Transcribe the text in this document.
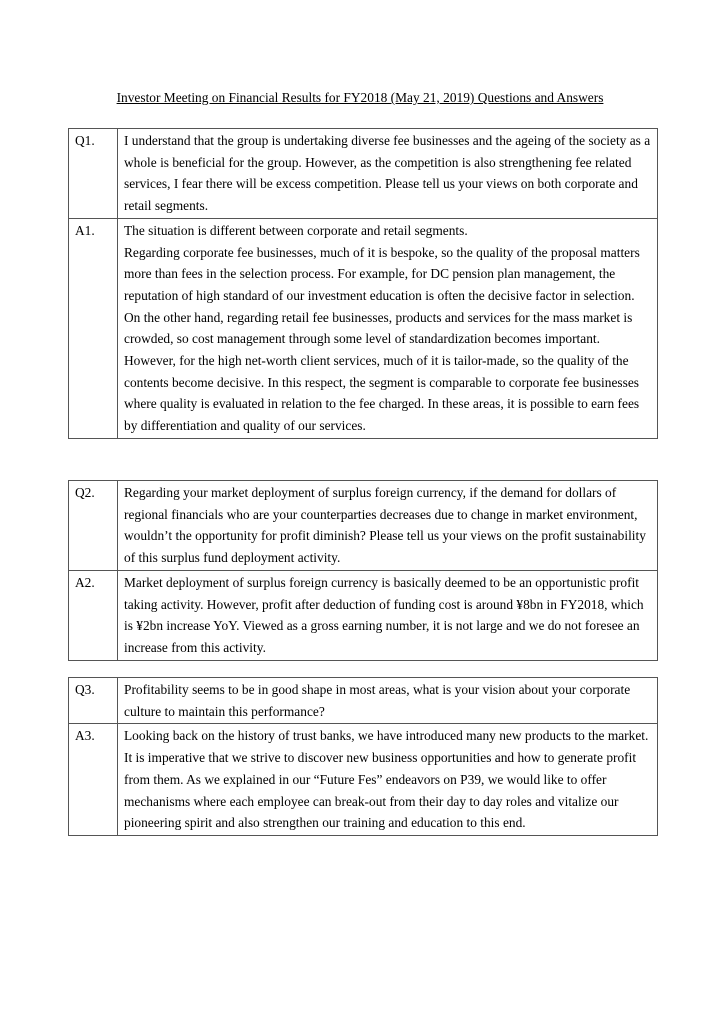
Investor Meeting on Financial Results for FY2018 (May 21, 2019) Questions and Answers
Q1.	I understand that the group is undertaking diverse fee businesses and the ageing of the society as a whole is beneficial for the group. However, as the competition is also strengthening fee related services, I fear there will be excess competition. Please tell us your views on both corporate and retail segments.
A1.	The situation is different between corporate and retail segments.
Regarding corporate fee businesses, much of it is bespoke, so the quality of the proposal matters more than fees in the selection process. For example, for DC pension plan management, the reputation of high standard of our investment education is often the decisive factor in selection.
On the other hand, regarding retail fee businesses, products and services for the mass market is crowded, so cost management through some level of standardization becomes important. However, for the high net-worth client services, much of it is tailor-made, so the quality of the contents become decisive. In this respect, the segment is comparable to corporate fee businesses where quality is evaluated in relation to the fee charged. In these areas, it is possible to earn fees by differentiation and quality of our services.
Q2.	Regarding your market deployment of surplus foreign currency, if the demand for dollars of regional financials who are your counterparties decreases due to change in market environment, wouldn’t the opportunity for profit diminish? Please tell us your views on the profit sustainability of this surplus fund deployment activity.
A2.	Market deployment of surplus foreign currency is basically deemed to be an opportunistic profit taking activity. However, profit after deduction of funding cost is around ¥8bn in FY2018, which is ¥2bn increase YoY. Viewed as a gross earning number, it is not large and we do not foresee an increase from this activity.
Q3.	Profitability seems to be in good shape in most areas, what is your vision about your corporate culture to maintain this performance?
A3.	Looking back on the history of trust banks, we have introduced many new products to the market. It is imperative that we strive to discover new business opportunities and how to generate profit from them. As we explained in our “Future Fes” endeavors on P39, we would like to offer mechanisms where each employee can break-out from their day to day roles and vitalize our pioneering spirit and also strengthen our training and education to this end.
